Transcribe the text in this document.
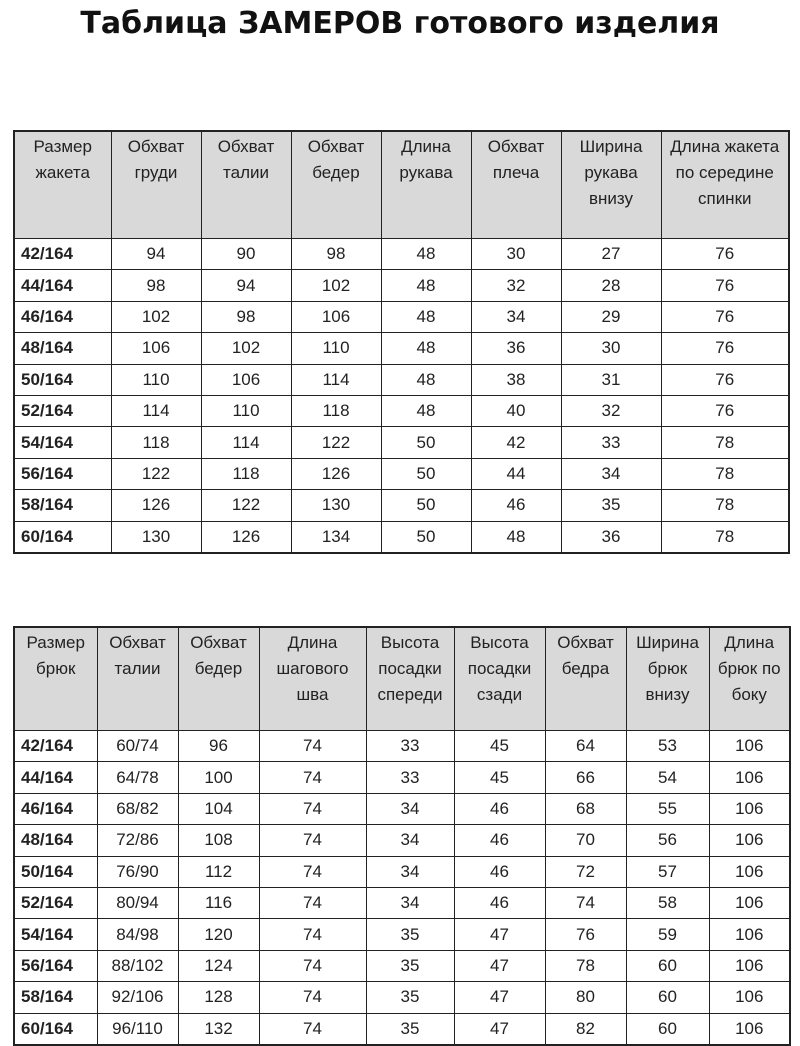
Таблица ЗАМЕРОВ готового изделия
Размер жакета	Обхват груди	Обхват талии	Обхват бедер	Длина рукава	Обхват плеча	Ширина рукава внизу	Длина жакета по середине спинки
42/164	94	90	98	48	30	27	76
44/164	98	94	102	48	32	28	76
46/164	102	98	106	48	34	29	76
48/164	106	102	110	48	36	30	76
50/164	110	106	114	48	38	31	76
52/164	114	110	118	48	40	32	76
54/164	118	114	122	50	42	33	78
56/164	122	118	126	50	44	34	78
58/164	126	122	130	50	46	35	78
60/164	130	126	134	50	48	36	78
Размер брюк	Обхват талии	Обхват бедер	Длина шагового шва	Высота посадки спереди	Высота посадки сзади	Обхват бедра	Ширина брюк внизу	Длина брюк по боку
42/164	60/74	96	74	33	45	64	53	106
44/164	64/78	100	74	33	45	66	54	106
46/164	68/82	104	74	34	46	68	55	106
48/164	72/86	108	74	34	46	70	56	106
50/164	76/90	112	74	34	46	72	57	106
52/164	80/94	116	74	34	46	74	58	106
54/164	84/98	120	74	35	47	76	59	106
56/164	88/102	124	74	35	47	78	60	106
58/164	92/106	128	74	35	47	80	60	106
60/164	96/110	132	74	35	47	82	60	106
